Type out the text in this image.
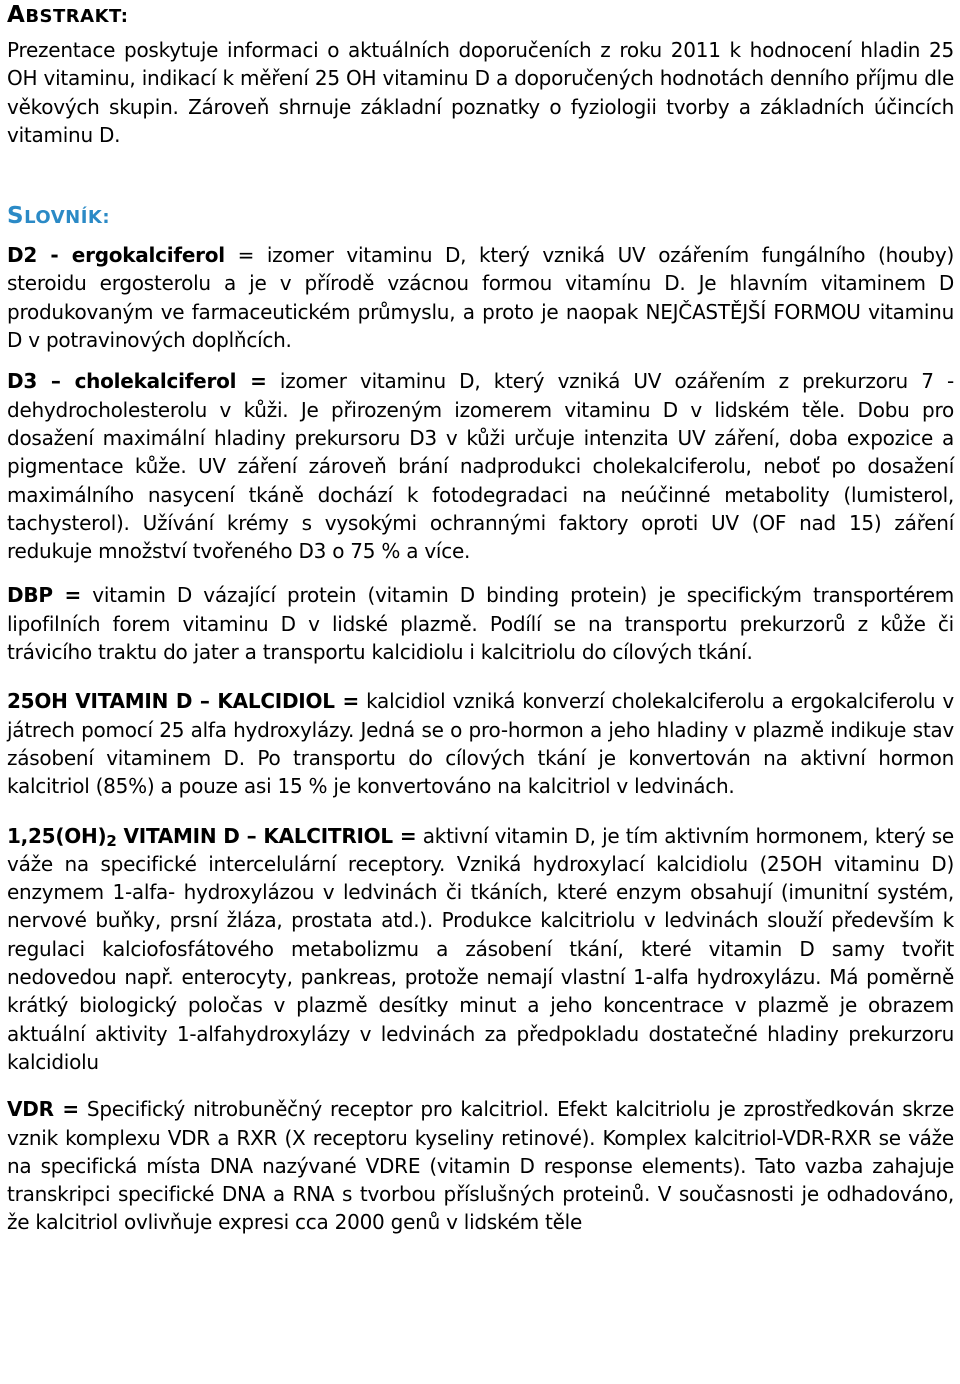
ABSTRAKT:

Prezentace poskytuje informaci o aktuálních doporučeních z roku 2011 k hodnocení hladin 25 OH vitaminu, indikací k měření 25 OH vitaminu D a doporučených hodnotách denního příjmu dle věkových skupin. Zároveň shrnuje základní poznatky o fyziologii tvorby a základních účincích vitaminu D.

SLOVNÍK:

D2 - ergokalciferol = izomer vitaminu D, který vzniká UV ozářením fungálního (houby) steroidu ergosterolu a je v přírodě vzácnou formou vitamínu D. Je hlavním vitaminem D produkovaným ve farmaceutickém průmyslu, a proto je naopak NEJČASTĚJŠÍ FORMOU vitaminu D v potravinových doplňcích.

D3 – cholekalciferol = izomer vitaminu D, který vzniká UV ozářením z prekurzoru 7 - dehydrocholesterolu v kůži. Je přirozeným izomerem vitaminu D v lidském těle. Dobu pro dosažení maximální hladiny prekursoru D3 v kůži určuje intenzita UV záření, doba expozice a pigmentace kůže. UV záření zároveň brání nadprodukci cholekalciferolu, neboť po dosažení maximálního nasycení tkáně dochází k fotodegradaci na neúčinné metabolity (lumisterol, tachysterol). Užívání krémy s vysokými ochrannými faktory oproti UV (OF nad 15) záření redukuje množství tvořeného D3 o 75 % a více.

DBP = vitamin D vázající protein (vitamin D binding protein) je specifickým transportérem lipofilních forem vitaminu D v lidské plazmě. Podílí se na transportu prekurzorů z kůže či trávicího traktu do jater a transportu kalcidiolu i kalcitriolu do cílových tkání.

25OH VITAMIN D – KALCIDIOL = kalcidiol vzniká konverzí cholekalciferolu a ergokalciferolu v játrech pomocí 25 alfa hydroxylázy. Jedná se o pro-hormon a jeho hladiny v plazmě indikuje stav zásobení vitaminem D. Po transportu do cílových tkání je konvertován na aktivní hormon kalcitriol (85%) a pouze asi 15 % je konvertováno na kalcitriol v ledvinách.

$1,25(OH)_2$ VITAMIN D – KALCITRIOL = aktivní vitamin D, je tím aktivním hormonem, který se váže na specifické intercelulární receptory. Vzniká hydroxylací kalcidiolu (25OH vitaminu D) enzymem 1-alfa- hydroxylázou v ledvinách či tkáních, které enzym obsahují (imunitní systém, nervové buňky, prsní žláza, prostata atd.). Produkce kalcitriolu v ledvinách slouží především k regulaci kalciofosfátového metabolizmu a zásobení tkání, které vitamin D samy tvořit nedovedou např. enterocyty, pankreas, protože nemají vlastní 1-alfa hydroxylázu. Má poměrně krátký biologický poločas v plazmě desítky minut a jeho koncentrace v plazmě je obrazem aktuální aktivity 1-alfahydroxylázy v ledvinách za předpokladu dostatečné hladiny prekurzoru kalcidiolu

VDR = Specifický nitrobuněčný receptor pro kalcitriol. Efekt kalcitriolu je zprostředkován skrze vznik komplexu VDR a RXR (X receptoru kyseliny retinové). Komplex kalcitriol-VDR-RXR se váže na specifická místa DNA nazývané VDRE (vitamin D response elements). Tato vazba zahajuje transkripci specifické DNA a RNA s tvorbou příslušných proteinů. V současnosti je odhadováno, že kalcitriol ovlivňuje expresi cca 2000 genů v lidském těle
